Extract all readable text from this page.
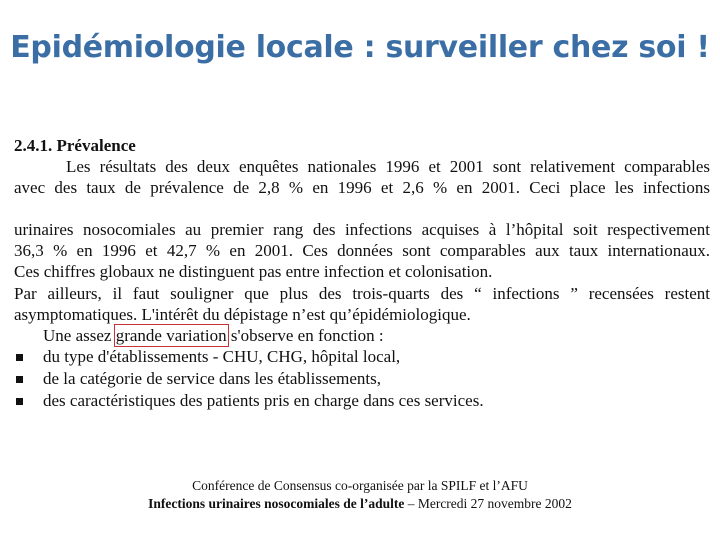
Epidémiologie locale : surveiller chez soi !
2.4.1. Prévalence
Les résultats des deux enquêtes nationales 1996 et 2001 sont relativement comparables
avec des taux de prévalence de 2,8 % en 1996 et 2,6 % en 2001. Ceci place les infections
urinaires nosocomiales au premier rang des infections acquises à l’hôpital soit respectivement
36,3 % en 1996 et 42,7 % en 2001. Ces données sont comparables aux taux internationaux.
Ces chiffres globaux ne distinguent pas entre infection et colonisation.
Par ailleurs, il faut souligner que plus des trois-quarts des “ infections ” recensées restent
asymptomatiques. L'intérêt du dépistage n’est qu’épidémiologique.
Une assez grande variation s'observe en fonction :
du type d'établissements - CHU, CHG, hôpital local,
de la catégorie de service dans les établissements,
des caractéristiques des patients pris en charge dans ces services.
Conférence de Consensus co-organisée par la SPILF et l’AFU
Infections urinaires nosocomiales de l’adulte – Mercredi 27 novembre 2002
